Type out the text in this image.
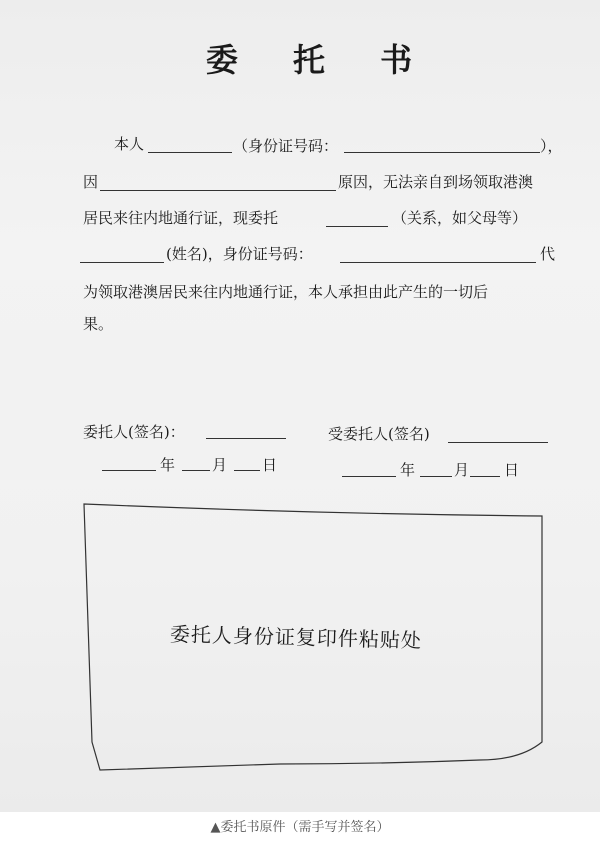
委 托 书
本人	（身份证号码：	），
因	原因，无法亲自到场领取港澳
居民来往内地通行证，现委托	（关系，如父母等）
(姓名)，身份证号码：	代
为领取港澳居民来往内地通行证，本人承担由此产生的一切后
果。
委托人(签名)：	受委托人(签名)
年 月 日	年	月 日
委托人身份证复印件粘贴处
▲委托书原件（需手写并签名）
